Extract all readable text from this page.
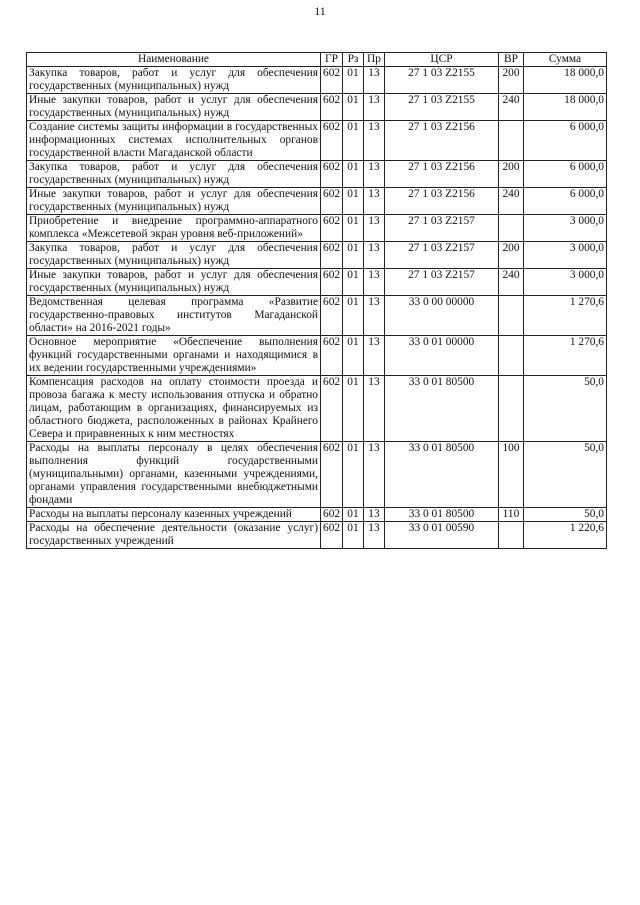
11
Наименование	ГР	Рз	Пр	ЦСР	ВР	Сумма
Закупка товаров, работ и услуг для обеспечения государственных (муниципальных) нужд	602	01	13	27 1 03 Z2155	200	18 000,0
Иные закупки товаров, работ и услуг для обеспечения государственных (муниципальных) нужд	602	01	13	27 1 03 Z2155	240	18 000,0
Создание системы защиты информации в государственных информационных системах исполнительных органов государственной власти Магаданской области	602	01	13	27 1 03 Z2156		6 000,0
Закупка товаров, работ и услуг для обеспечения государственных (муниципальных) нужд	602	01	13	27 1 03 Z2156	200	6 000,0
Иные закупки товаров, работ и услуг для обеспечения государственных (муниципальных) нужд	602	01	13	27 1 03 Z2156	240	6 000,0
Приобретение и внедрение программно-аппаратного комплекса «Межсетевой экран уровня веб-приложений»	602	01	13	27 1 03 Z2157		3 000,0
Закупка товаров, работ и услуг для обеспечения государственных (муниципальных) нужд	602	01	13	27 1 03 Z2157	200	3 000,0
Иные закупки товаров, работ и услуг для обеспечения государственных (муниципальных) нужд	602	01	13	27 1 03 Z2157	240	3 000,0
Ведомственная целевая программа «Развитие государственно-правовых институтов Магаданской области» на 2016-2021 годы»	602	01	13	33 0 00 00000		1 270,6
Основное мероприятие «Обеспечение выполнения функций государственными органами и находящимися в их ведении государственными учреждениями»	602	01	13	33 0 01 00000		1 270,6
Компенсация расходов на оплату стоимости проезда и провоза багажа к месту использования отпуска и обратно лицам, работающим в организациях, финансируемых из областного бюджета, расположенных в районах Крайнего Севера и приравненных к ним местностях	602	01	13	33 0 01 80500		50,0
Расходы на выплаты персоналу в целях обеспечения выполнения функций государственными (муниципальными) органами, казенными учреждениями, органами управления государственными внебюджетными фондами	602	01	13	33 0 01 80500	100	50,0
Расходы на выплаты персоналу казенных учреждений	602	01	13	33 0 01 80500	110	50,0
Расходы на обеспечение деятельности (оказание услуг) государственных учреждений	602	01	13	33 0 01 00590		1 220,6
